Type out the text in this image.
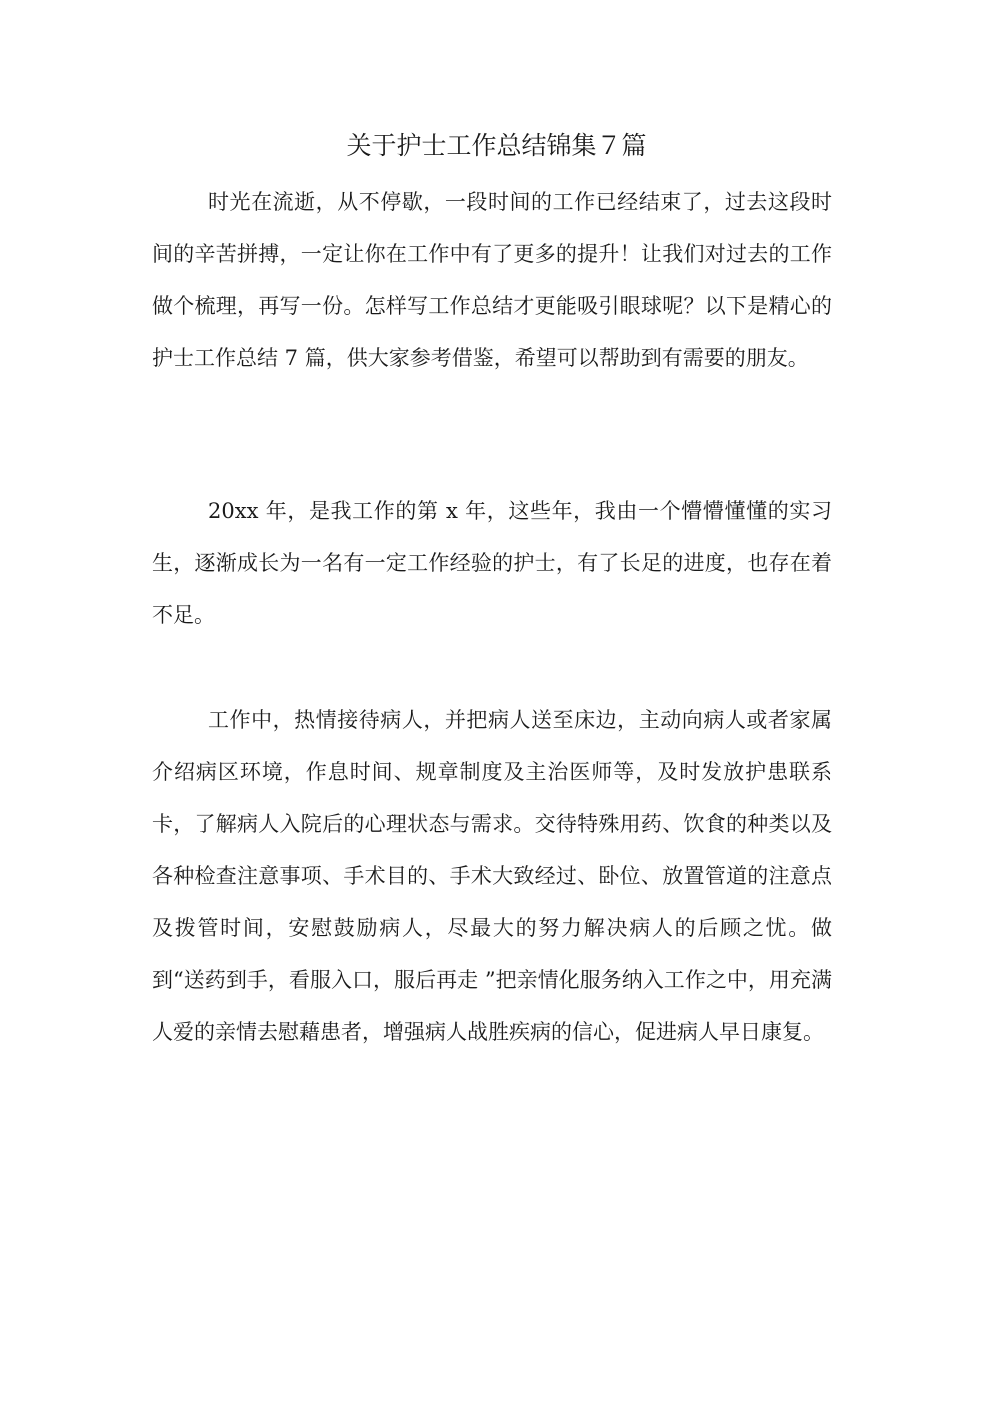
关于护士工作总结锦集７篇

时光在流逝，从不停歇，一段时间的工作已经结束了，过去这段时间的辛苦拼搏，一定让你在工作中有了更多的提升！让我们对过去的工作做个梳理，再写一份。怎样写工作总结才更能吸引眼球呢？以下是精心的护士工作总结 7 篇，供大家参考借鉴，希望可以帮助到有需要的朋友。

20xx 年，是我工作的第 x 年，这些年，我由一个懵懵懂懂的实习生，逐渐成长为一名有一定工作经验的护士，有了长足的进度，也存在着不足。

工作中，热情接待病人，并把病人送至床边，主动向病人或者家属介绍病区环境，作息时间、规章制度及主治医师等，及时发放护患联系卡，了解病人入院后的心理状态与需求。交待特殊用药、饮食的种类以及各种检查注意事项、手术目的、手术大致经过、卧位、放置管道的注意点及拨管时间，安慰鼓励病人，尽最大的努力解决病人的后顾之忧。做到“送药到手，看服入口，服后再走 ”把亲情化服务纳入工作之中，用充满人爱的亲情去慰藉患者，增强病人战胜疾病的信心，促进病人早日康复。
